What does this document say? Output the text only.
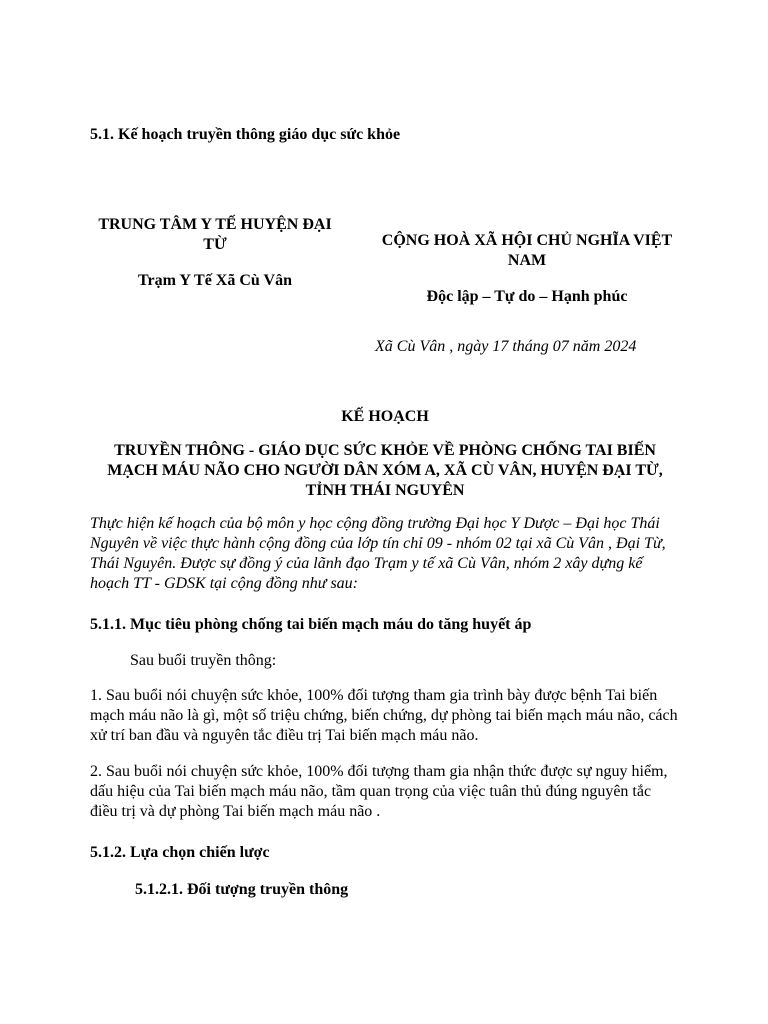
5.1. Kế hoạch truyền thông giáo dục sức khỏe

TRUNG TÂM Y TẾ HUYỆN ĐẠI TỪ

Trạm Y Tế Xã Cù Vân

CỘNG HOÀ XÃ HỘI CHỦ NGHĨA VIỆT NAM

Độc lập – Tự do – Hạnh phúc

Xã Cù Vân , ngày 17 tháng 07 năm 2024

KẾ HOẠCH

TRUYỀN THÔNG - GIÁO DỤC SỨC KHỎE VỀ PHÒNG CHỐNG TAI BIẾN MẠCH MÁU NÃO CHO NGƯỜI DÂN XÓM A, XÃ CÙ VÂN, HUYỆN ĐẠI TỪ, TỈNH THÁI NGUYÊN

Thực hiện kế hoạch của bộ môn y học cộng đồng trường Đại học Y Dược – Đại học Thái Nguyên về việc thực hành cộng đồng của lớp tín chỉ 09 - nhóm 02 tại xã Cù Vân , Đại Từ, Thái Nguyên. Được sự đồng ý của lãnh đạo Trạm y tế xã Cù Vân, nhóm 2 xây dựng kế hoạch TT - GDSK tại cộng đồng như sau:

5.1.1. Mục tiêu phòng chống tai biến mạch máu do tăng huyết áp

Sau buổi truyền thông:

1. Sau buổi nói chuyện sức khỏe, 100% đối tượng tham gia trình bày được bệnh Tai biến mạch máu não là gì, một số triệu chứng, biến chứng, dự phòng tai biến mạch máu não, cách xử trí ban đầu và nguyên tắc điều trị Tai biến mạch máu não.

2. Sau buổi nói chuyện sức khỏe, 100% đối tượng tham gia nhận thức được sự nguy hiểm, dấu hiệu của Tai biến mạch máu não, tầm quan trọng của việc tuân thủ đúng nguyên tắc điều trị và dự phòng Tai biến mạch máu não .

5.1.2. Lựa chọn chiến lược

5.1.2.1. Đối tượng truyền thông
